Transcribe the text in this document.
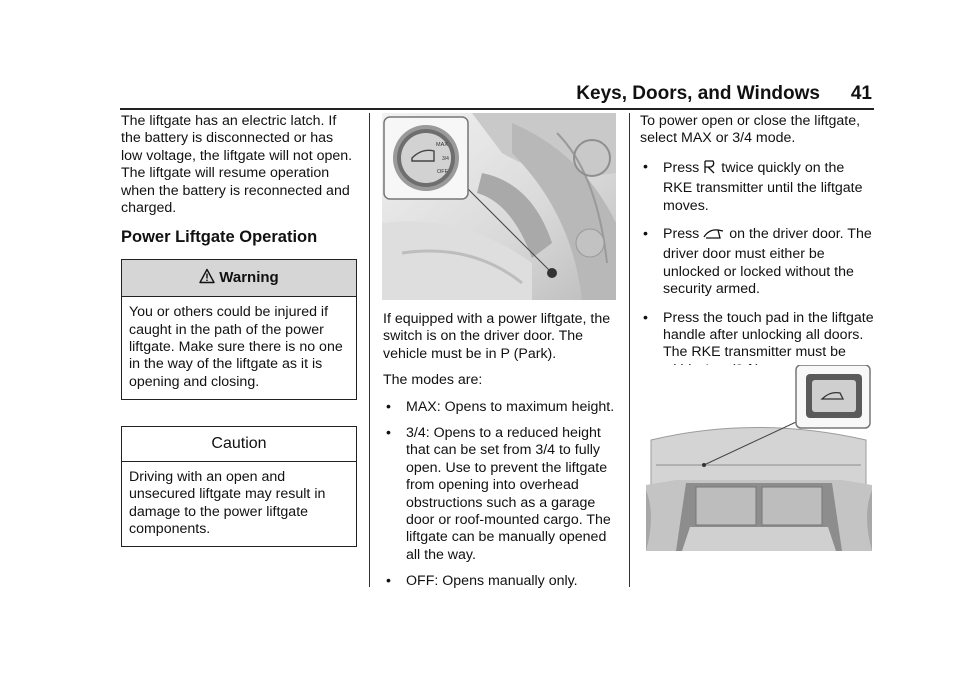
Keys, Doors, and Windows 41

The liftgate has an electric latch. If the battery is disconnected or has low voltage, the liftgate will not open. The liftgate will resume operation when the battery is reconnected and charged.

Power Liftgate Operation
Warning
You or others could be injured if caught in the path of the power liftgate. Make sure there is no one in the way of the liftgate as it is opening and closing.
Caution
Driving with an open and unsecured liftgate may result in damage to the power liftgate components.
MAX
3/4
OFF

If equipped with a power liftgate, the switch is on the driver door. The vehicle must be in P (Park).

The modes are:

•	MAX: Opens to maximum height.
•	3/4: Opens to a reduced height that can be set from 3/4 to fully open. Use to prevent the liftgate from opening into overhead obstructions such as a garage door or roof-mounted cargo. The liftgate can be manually opened all the way.
•	OFF: Opens manually only.

To power open or close the liftgate, select MAX or 3/4 mode.

•	Press twice quickly on the RKE transmitter until the liftgate moves.
•	Press on the driver door. The driver door must either be unlocked or locked without the security armed.
•	Press the touch pad in the liftgate handle after unlocking all doors. The RKE transmitter must be
